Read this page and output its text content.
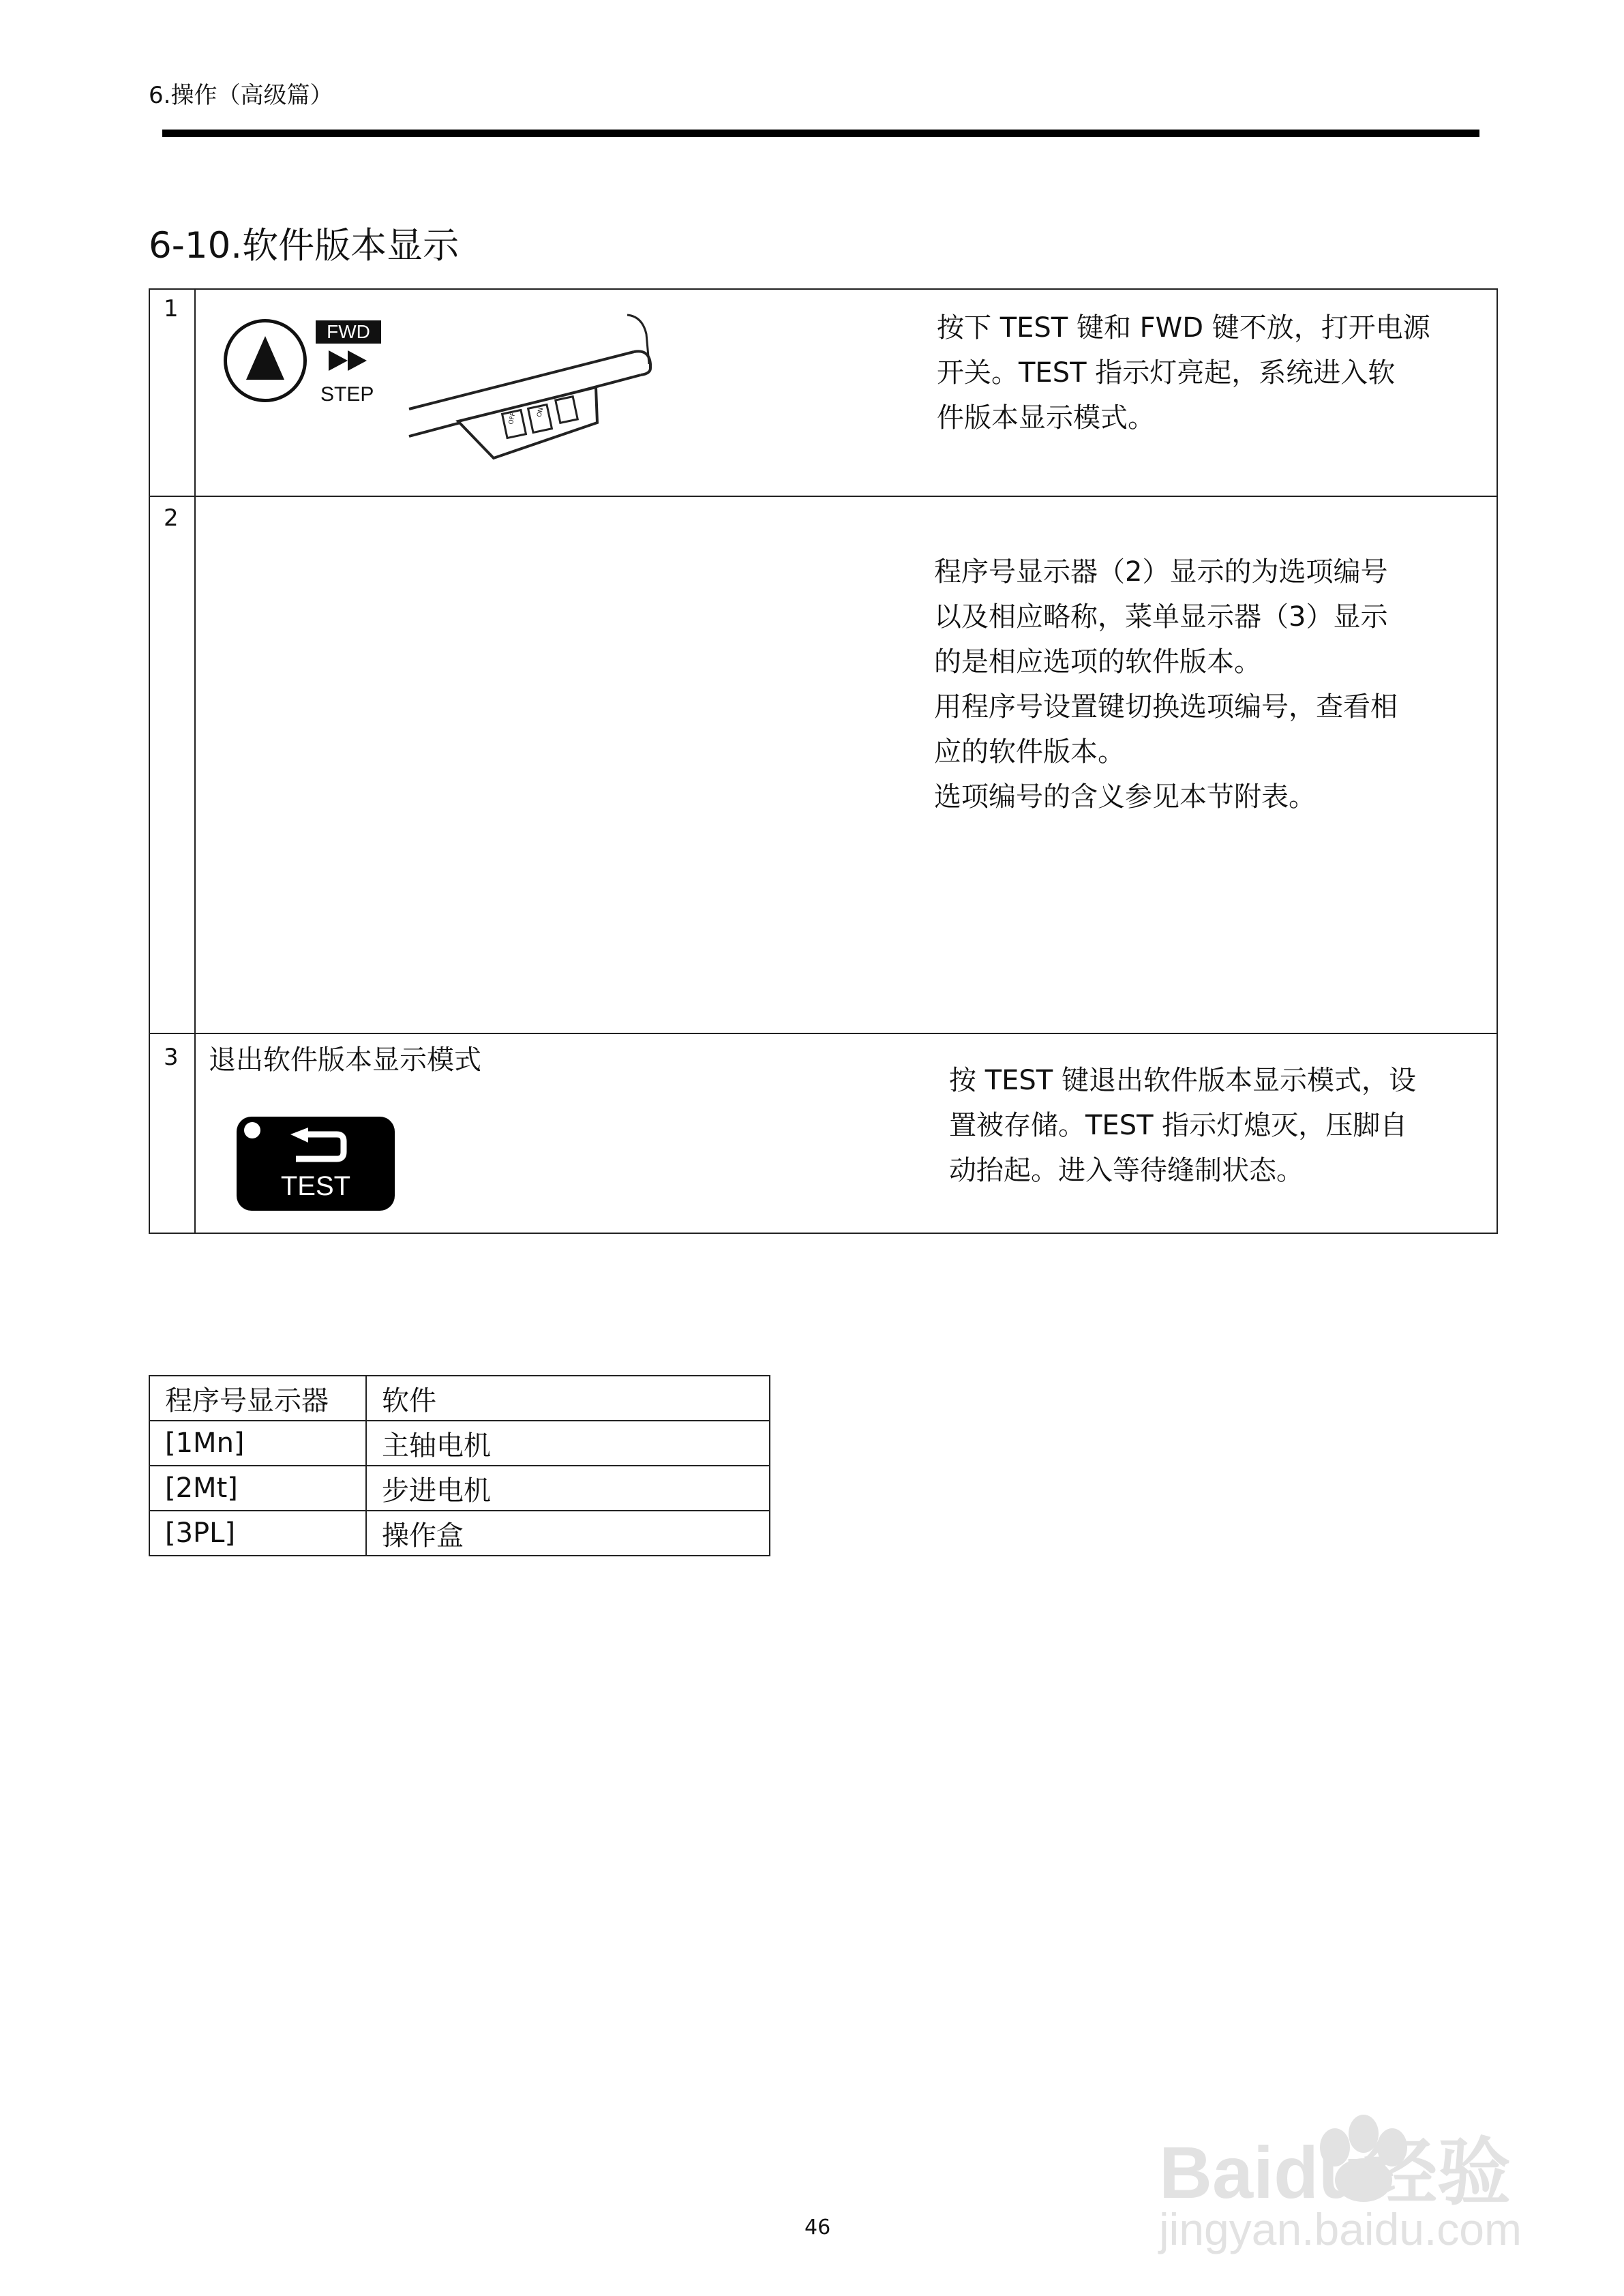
6.操作（高级篇）
6-10.软件版本显示
1
FWD
STEP
OFF	ON
按下 TEST 键和 FWD 键不放，打开电源
开关。TEST 指示灯亮起，系统进入软
件版本显示模式。
2
程序号显示器（2）显示的为选项编号
以及相应略称，菜单显示器（3）显示
的是相应选项的软件版本。
用程序号设置键切换选项编号，查看相
应的软件版本。
选项编号的含义参见本节附表。
3 退出软件版本显示模式
TEST
按 TEST 键退出软件版本显示模式，设
置被存储。TEST 指示灯熄灭，压脚自
动抬起。进入等待缝制状态。
程序号显示器	软件
[1Mn]	主轴电机
[2Mt]	步进电机
[3PL]	操作盒
Baidu经验
jingyan.baidu.com
46
